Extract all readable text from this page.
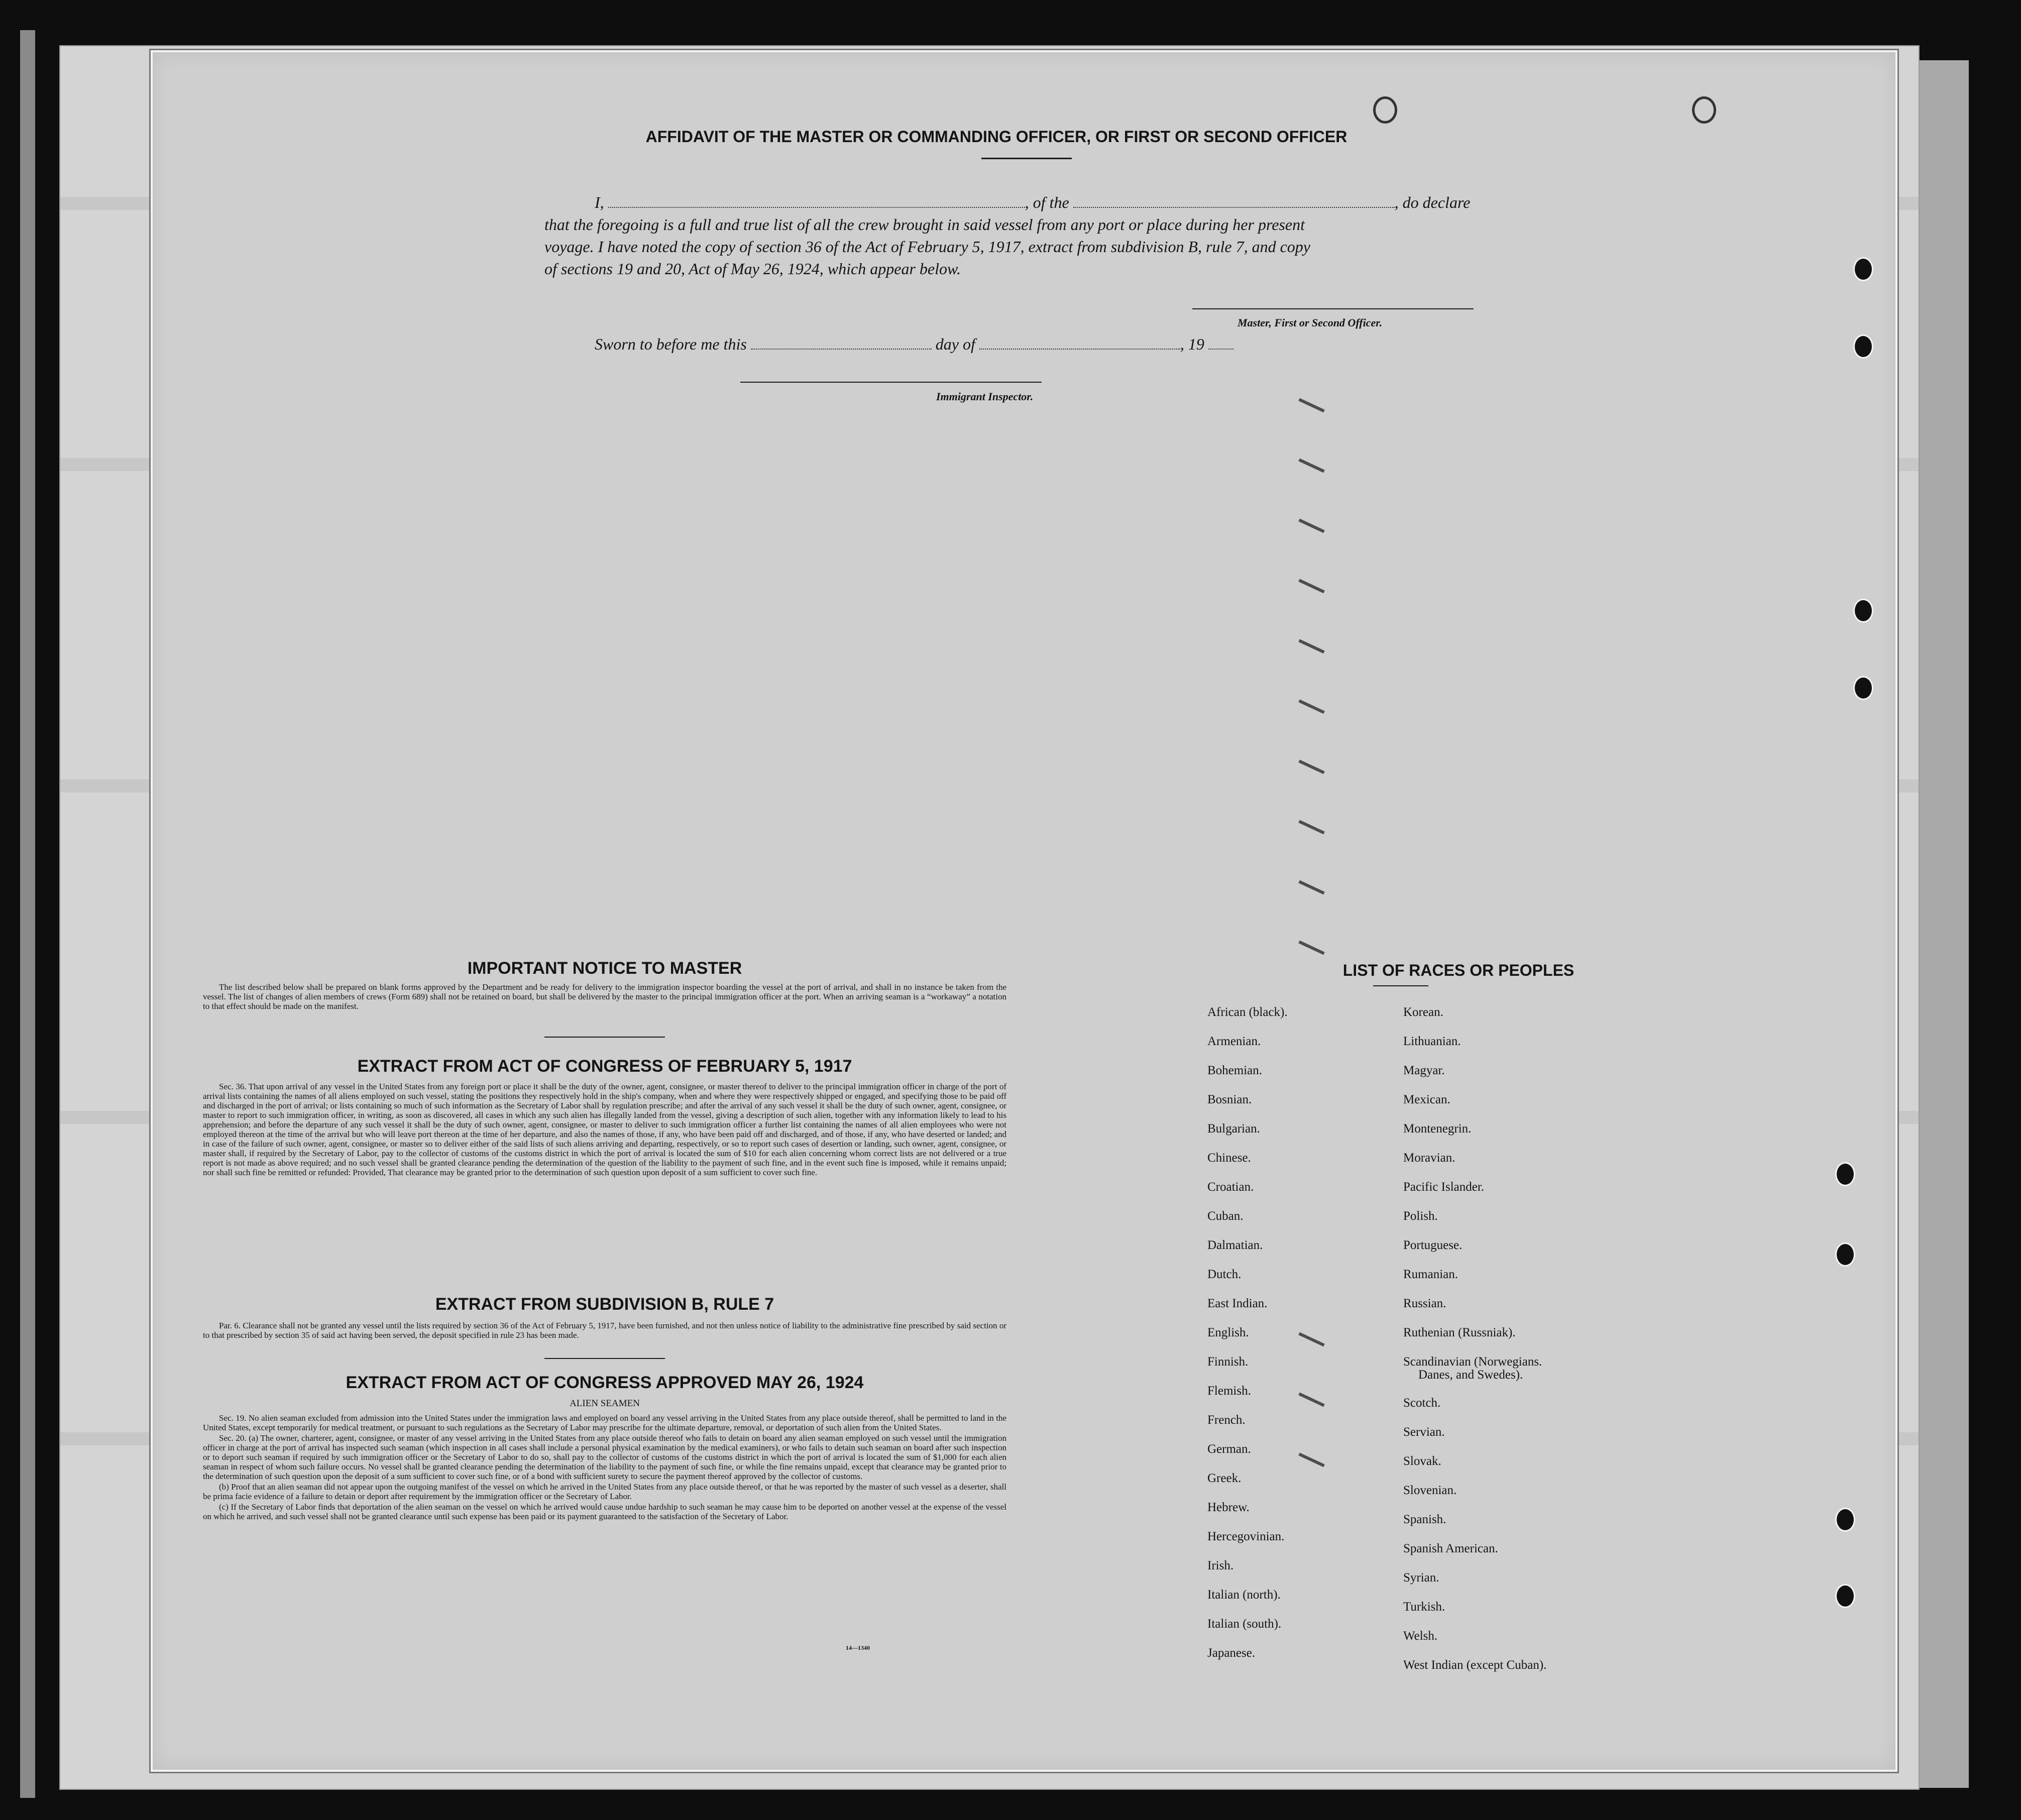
AFFIDAVIT OF THE MASTER OR COMMANDING OFFICER, OR FIRST OR SECOND OFFICER
I,	, of the	, do declare
that the foregoing is a full and true list of all the crew brought in said vessel from any port or place during her present
voyage. I have noted the copy of section 36 of the Act of February 5, 1917, extract from subdivision B, rule 7, and copy
of sections 19 and 20, Act of May 26, 1924, which appear below.
Master, First or Second Officer.
Sworn to before me this	day of	, 19
Immigrant Inspector.
IMPORTANT NOTICE TO MASTER

The list described below shall be prepared on blank forms approved by the Department and be ready for delivery to the immigration inspector boarding the vessel at the port of arrival, and shall in no instance be taken from the vessel. The list of changes of alien members of crews (Form 689) shall not be retained on board, but shall be delivered by the master to the principal immigration officer at the port. When an arriving seaman is a “workaway” a notation to that effect should be made on the manifest.

EXTRACT FROM ACT OF CONGRESS OF FEBRUARY 5, 1917

Sec. 36. That upon arrival of any vessel in the United States from any foreign port or place it shall be the duty of the owner, agent, consignee, or master thereof to deliver to the principal immigration officer in charge of the port of arrival lists containing the names of all aliens employed on such vessel, stating the positions they respectively hold in the ship's company, when and where they were respectively shipped or engaged, and specifying those to be paid off and discharged in the port of arrival; or lists containing so much of such information as the Secretary of Labor shall by regulation prescribe; and after the arrival of any such vessel it shall be the duty of such owner, agent, consignee, or master to report to such immigration officer, in writing, as soon as discovered, all cases in which any such alien has illegally landed from the vessel, giving a description of such alien, together with any information likely to lead to his apprehension; and before the departure of any such vessel it shall be the duty of such owner, agent, consignee, or master to deliver to such immigration officer a further list containing the names of all alien employees who were not employed thereon at the time of the arrival but who will leave port thereon at the time of her departure, and also the names of those, if any, who have been paid off and discharged, and of those, if any, who have deserted or landed; and in case of the failure of such owner, agent, consignee, or master so to deliver either of the said lists of such aliens arriving and departing, respectively, or so to report such cases of desertion or landing, such owner, agent, consignee, or master shall, if required by the Secretary of Labor, pay to the collector of customs of the customs district in which the port of arrival is located the sum of $10 for each alien concerning whom correct lists are not delivered or a true report is not made as above required; and no such vessel shall be granted clearance pending the determination of the question of the liability to the payment of such fine, and in the event such fine is imposed, while it remains unpaid; nor shall such fine be remitted or refunded: Provided, That clearance may be granted prior to the determination of such question upon deposit of a sum sufficient to cover such fine.

EXTRACT FROM SUBDIVISION B, RULE 7

Par. 6. Clearance shall not be granted any vessel until the lists required by section 36 of the Act of February 5, 1917, have been furnished, and not then unless notice of liability to the administrative fine prescribed by said section or to that prescribed by section 35 of said act having been served, the deposit specified in rule 23 has been made.

EXTRACT FROM ACT OF CONGRESS APPROVED MAY 26, 1924
ALIEN SEAMEN

Sec. 19. No alien seaman excluded from admission into the United States under the immigration laws and employed on board any vessel arriving in the United States from any place outside thereof, shall be permitted to land in the United States, except temporarily for medical treatment, or pursuant to such regulations as the Secretary of Labor may prescribe for the ultimate departure, removal, or deportation of such alien from the United States.

Sec. 20. (a) The owner, charterer, agent, consignee, or master of any vessel arriving in the United States from any place outside thereof who fails to detain on board any alien seaman employed on such vessel until the immigration officer in charge at the port of arrival has inspected such seaman (which inspection in all cases shall include a personal physical examination by the medical examiners), or who fails to detain such seaman on board after such inspection or to deport such seaman if required by such immigration officer or the Secretary of Labor to do so, shall pay to the collector of customs of the customs district in which the port of arrival is located the sum of $1,000 for each alien seaman in respect of whom such failure occurs. No vessel shall be granted clearance pending the determination of the liability to the payment of such fine, or while the fine remains unpaid, except that clearance may be granted prior to the determination of such question upon the deposit of a sum sufficient to cover such fine, or of a bond with sufficient surety to secure the payment thereof approved by the collector of customs.

(b) Proof that an alien seaman did not appear upon the outgoing manifest of the vessel on which he arrived in the United States from any place outside thereof, or that he was reported by the master of such vessel as a deserter, shall be prima facie evidence of a failure to detain or deport after requirement by the immigration officer or the Secretary of Labor.

(c) If the Secretary of Labor finds that deportation of the alien seaman on the vessel on which he arrived would cause undue hardship to such seaman he may cause him to be deported on another vessel at the expense of the vessel on which he arrived, and such vessel shall not be granted clearance until such expense has been paid or its payment guaranteed to the satisfaction of the Secretary of Labor.

14—1340
LIST OF RACES OR PEOPLES
Danes, and Swedes).
African (black).
Armenian.
Bohemian.
Bosnian.
Bulgarian.
Chinese.
Croatian.
Cuban.
Dalmatian.
Dutch.
East Indian.
English.
Finnish.
Flemish.
French.
German.
Greek.
Hebrew.
Hercegovinian.
Irish.
Italian (north).
Italian (south).
Japanese.
Korean.
Lithuanian.
Magyar.
Mexican.
Montenegrin.
Moravian.
Pacific Islander.
Polish.
Portuguese.
Rumanian.
Russian.
Ruthenian (Russniak).
Scandinavian (Norwegians.
Scotch.
Servian.
Slovak.
Slovenian.
Spanish.
Spanish American.
Syrian.
Turkish.
Welsh.
West Indian (except Cuban).
